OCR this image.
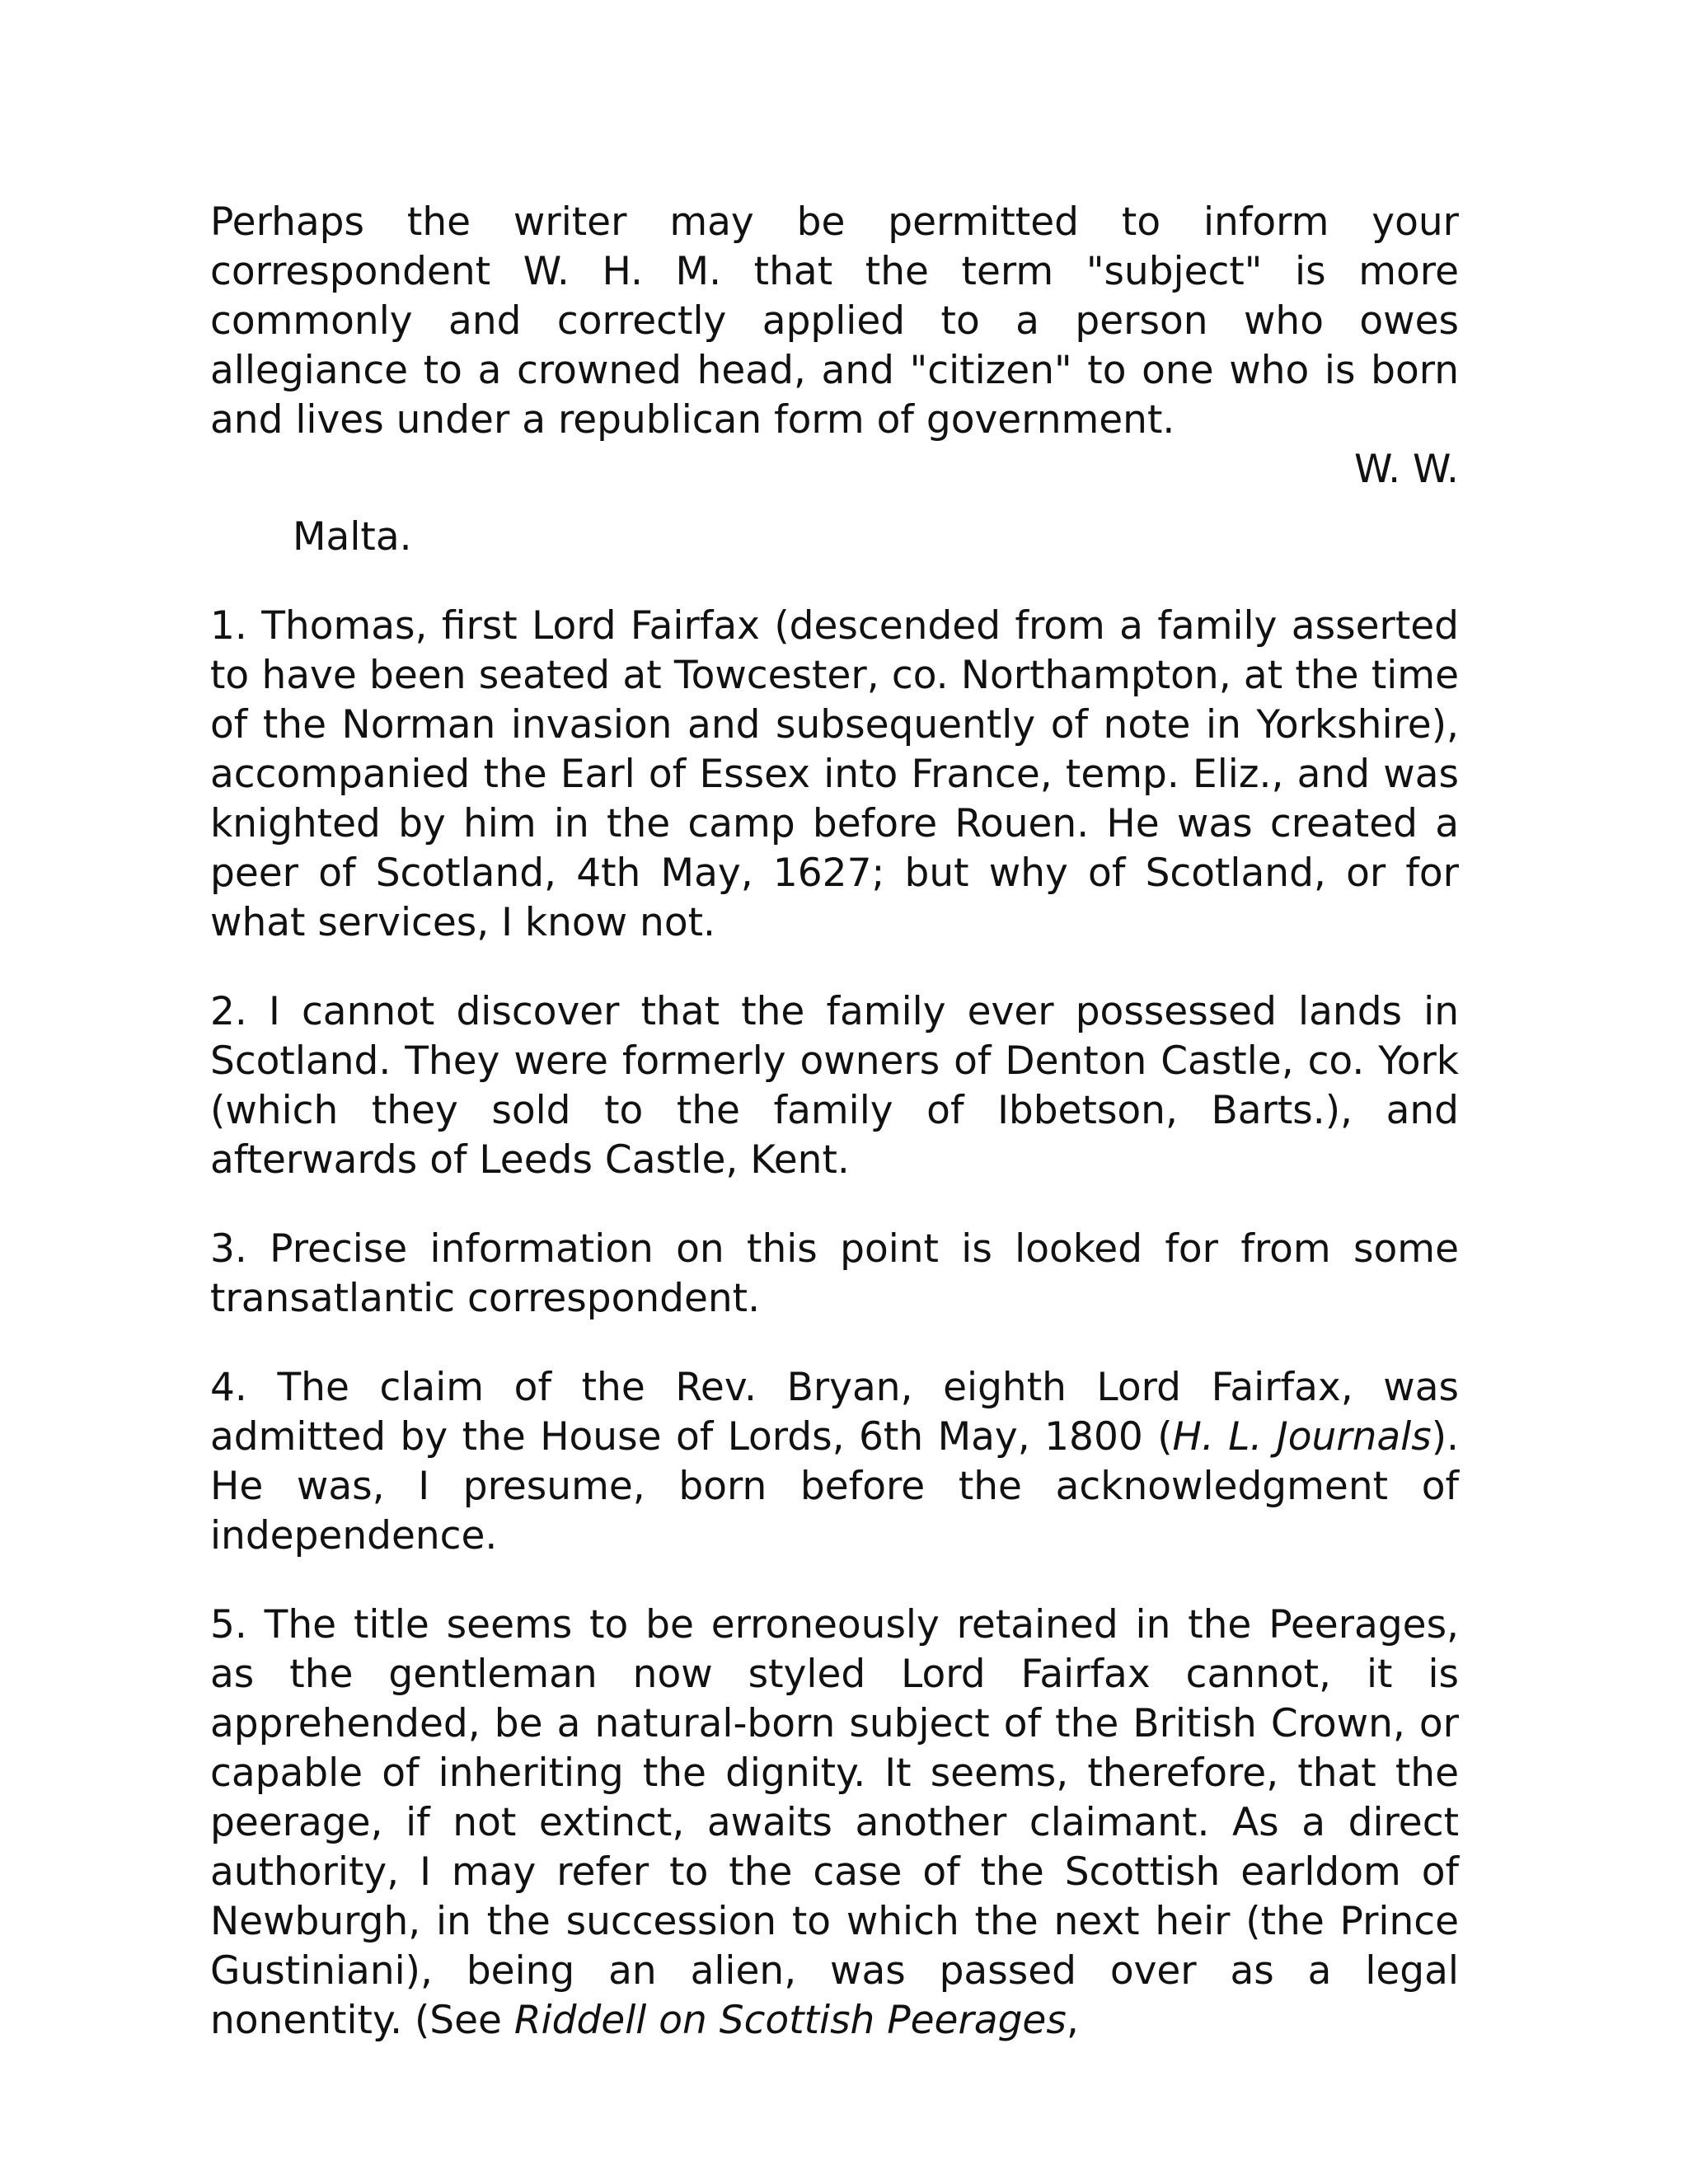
Perhaps the writer may be permitted to inform your correspondent W. H. M. that the term "subject" is more commonly and correctly applied to a person who owes allegiance to a crowned head, and "citizen" to one who is born and lives under a republican form of government.

W. W.

Malta.

1. Thomas, first Lord Fairfax (descended from a family asserted to have been seated at Towcester, co. Northampton, at the time of the Norman invasion and subsequently of note in Yorkshire), accompanied the Earl of Essex into France, temp. Eliz., and was knighted by him in the camp before Rouen. He was created a peer of Scotland, 4th May, 1627; but why of Scotland, or for what services, I know not.

2. I cannot discover that the family ever possessed lands in Scotland. They were formerly owners of Denton Castle, co. York (which they sold to the family of Ibbetson, Barts.), and afterwards of Leeds Castle, Kent.

3. Precise information on this point is looked for from some transatlantic correspondent.

4. The claim of the Rev. Bryan, eighth Lord Fairfax, was admitted by the House of Lords, 6th May, 1800 (H. L. Journals). He was, I presume, born before the acknowledgment of independence.

5. The title seems to be erroneously retained in the Peerages, as the gentleman now styled Lord Fairfax cannot, it is apprehended, be a natural-born subject of the British Crown, or capable of inheriting the dignity. It seems, therefore, that the peerage, if not extinct, awaits another claimant. As a direct authority, I may refer to the case of the Scottish earldom of Newburgh, in the succession to which the next heir (the Prince Gustiniani), being an alien, was passed over as a legal nonentity. (See Riddell on Scottish Peerages,
